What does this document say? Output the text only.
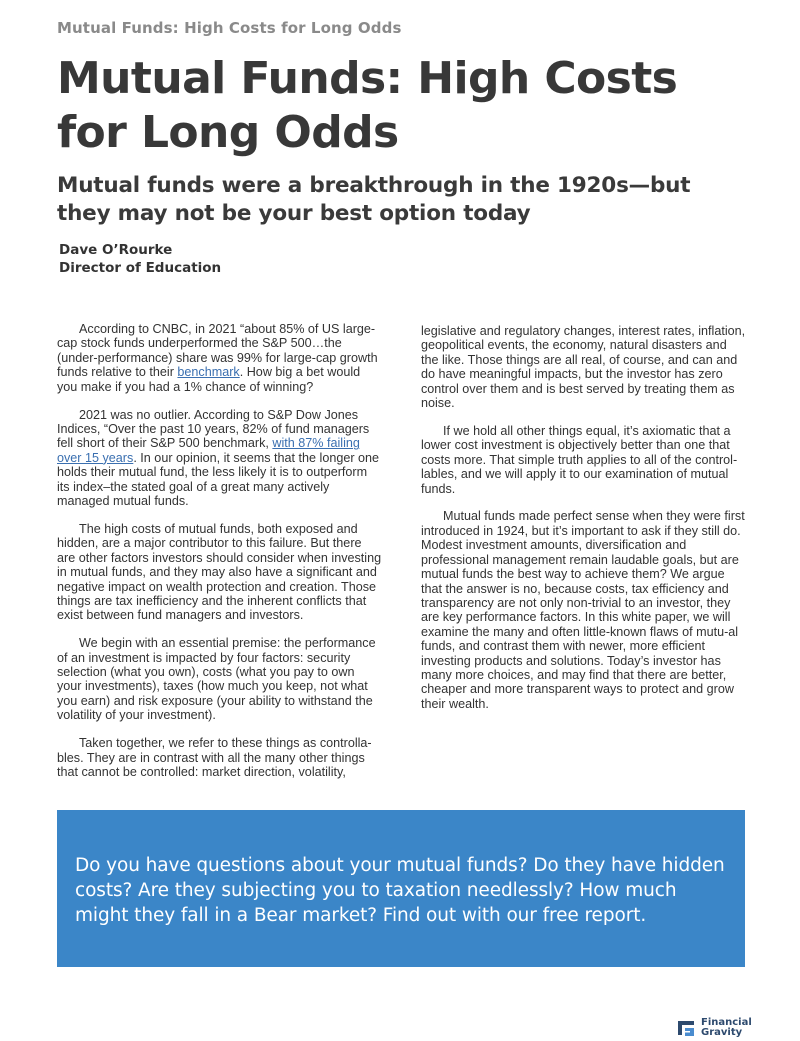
Mutual Funds: High Costs for Long Odds
Mutual Funds: High Costs for Long Odds
Mutual funds were a breakthrough in the 1920s—but they may not be your best option today
Dave O’Rourke
Director of Education

According to CNBC, in 2021 “about 85% of US large-cap stock funds underperformed the S&P 500…the (under-performance) share was 99% for large-cap growth funds relative to their benchmark. How big a bet would you make if you had a 1% chance of winning?

2021 was no outlier. According to S&P Dow Jones Indices, “Over the past 10 years, 82% of fund managers fell short of their S&P 500 benchmark, with 87% failing over 15 years. In our opinion, it seems that the longer one holds their mutual fund, the less likely it is to outperform its index–the stated goal of a great many actively managed mutual funds.

The high costs of mutual funds, both exposed and hidden, are a major contributor to this failure. But there are other factors investors should consider when investing in mutual funds, and they may also have a significant and negative impact on wealth protection and creation. Those things are tax inefficiency and the inherent conflicts that exist between fund managers and investors.

We begin with an essential premise: the performance of an investment is impacted by four factors: security selection (what you own), costs (what you pay to own your investments), taxes (how much you keep, not what you earn) and risk exposure (your ability to withstand the volatility of your investment).

Taken together, we refer to these things as controlla-bles. They are in contrast with all the many other things that cannot be controlled: market direction, volatility,

legislative and regulatory changes, interest rates, inflation, geopolitical events, the economy, natural disasters and the like. Those things are all real, of course, and can and do have meaningful impacts, but the investor has zero control over them and is best served by treating them as noise.

If we hold all other things equal, it’s axiomatic that a lower cost investment is objectively better than one that costs more. That simple truth applies to all of the control-lables, and we will apply it to our examination of mutual funds.

Mutual funds made perfect sense when they were first introduced in 1924, but it’s important to ask if they still do. Modest investment amounts, diversification and professional management remain laudable goals, but are mutual funds the best way to achieve them? We argue that the answer is no, because costs, tax efficiency and transparency are not only non-trivial to an investor, they are key performance factors. In this white paper, we will examine the many and often little-known flaws of mutu-al funds, and contrast them with newer, more efficient investing products and solutions. Today’s investor has many more choices, and may find that there are better, cheaper and more transparent ways to protect and grow their wealth.

Do you have questions about your mutual funds? Do they have hidden costs? Are they subjecting you to taxation needlessly? How much might they fall in a Bear market? Find out with our free report.
Financial
Gravity
